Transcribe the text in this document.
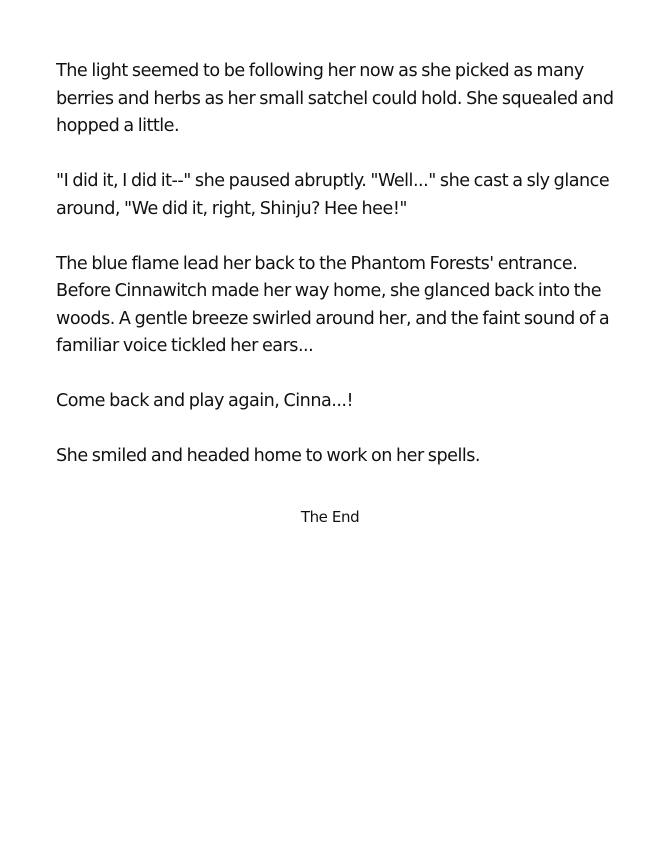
The light seemed to be following her now as she picked as many berries and herbs as her small satchel could hold. She squealed and hopped a little.

"I did it, I did it--" she paused abruptly. "Well..." she cast a sly glance around, "We did it, right, Shinju? Hee hee!"

The blue flame lead her back to the Phantom Forests' entrance. Before Cinnawitch made her way home, she glanced back into the woods. A gentle breeze swirled around her, and the faint sound of a familiar voice tickled her ears...

Come back and play again, Cinna...!

She smiled and headed home to work on her spells.

The End
